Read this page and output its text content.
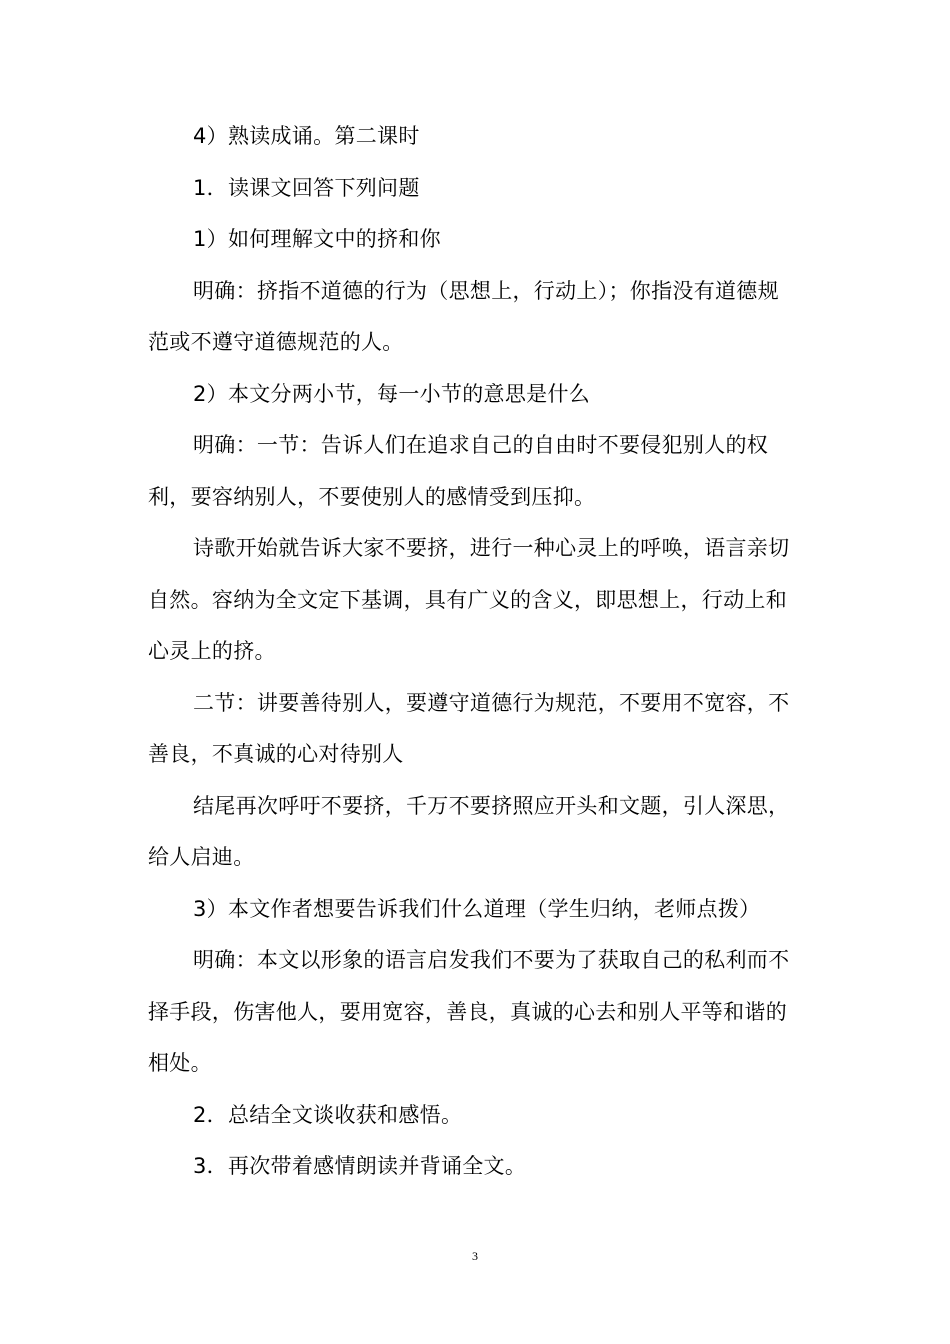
4）熟读成诵。第二课时

1．读课文回答下列问题

1）如何理解文中的挤和你

明确：挤指不道德的行为（思想上，行动上）；你指没有道德规范或不遵守道德规范的人。

2）本文分两小节，每一小节的意思是什么

明确：一节：告诉人们在追求自己的自由时不要侵犯别人的权利，要容纳别人，不要使别人的感情受到压抑。

诗歌开始就告诉大家不要挤，进行一种心灵上的呼唤，语言亲切自然。容纳为全文定下基调，具有广义的含义，即思想上，行动上和心灵上的挤。

二节：讲要善待别人，要遵守道德行为规范，不要用不宽容，不善良，不真诚的心对待别人

结尾再次呼吁不要挤，千万不要挤照应开头和文题，引人深思，给人启迪。

3）本文作者想要告诉我们什么道理（学生归纳，老师点拨）

明确：本文以形象的语言启发我们不要为了获取自己的私利而不择手段，伤害他人，要用宽容，善良，真诚的心去和别人平等和谐的相处。

2．总结全文谈收获和感悟。

3．再次带着感情朗读并背诵全文。

3
